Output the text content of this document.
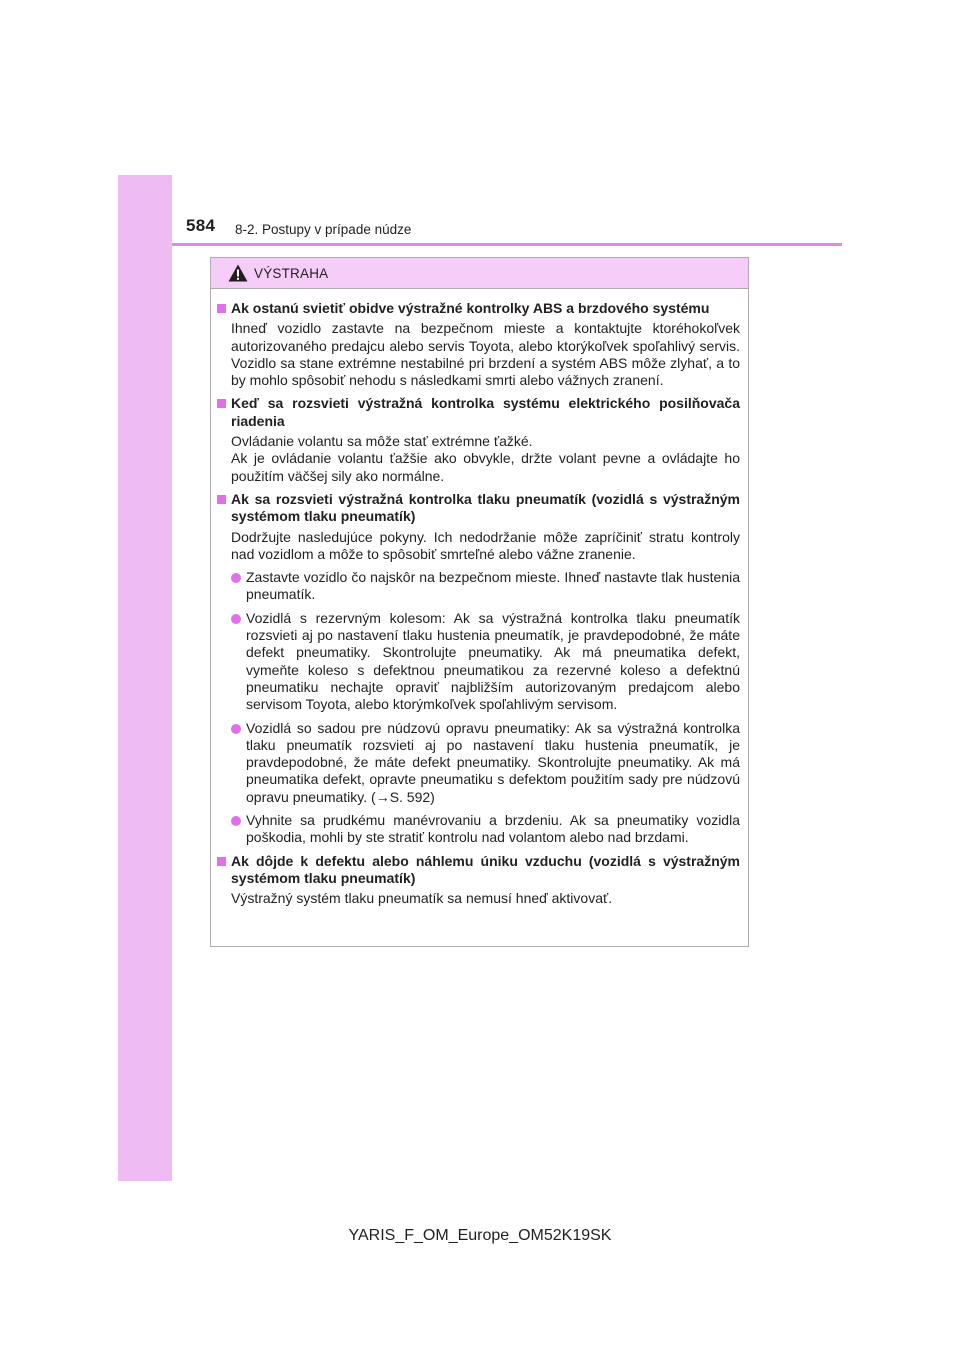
584 8-2. Postupy v prípade núdze
VÝSTRAHA
Ak ostanú svietiť obidve výstražné kontrolky ABS a brzdového systému
Ihneď vozidlo zastavte na bezpečnom mieste a kontaktujte ktoréhokoľvek autorizovaného predajcu alebo servis Toyota, alebo ktorýkoľvek spoľahlivý servis. Vozidlo sa stane extrémne nestabilné pri brzdení a systém ABS môže zlyhať, a to by mohlo spôsobiť nehodu s následkami smrti alebo vážnych zranení.
Keď sa rozsvieti výstražná kontrolka systému elektrického posilňovača riadenia
Ovládanie volantu sa môže stať extrémne ťažké.
Ak je ovládanie volantu ťažšie ako obvykle, držte volant pevne a ovládajte ho použitím väčšej sily ako normálne.
Ak sa rozsvieti výstražná kontrolka tlaku pneumatík (vozidlá s výstražným systémom tlaku pneumatík)
Dodržujte nasledujúce pokyny. Ich nedodržanie môže zapríčiniť stratu kontroly nad vozidlom a môže to spôsobiť smrteľné alebo vážne zranenie.
Zastavte vozidlo čo najskôr na bezpečnom mieste. Ihneď nastavte tlak hustenia pneumatík.
Vozidlá s rezervným kolesom: Ak sa výstražná kontrolka tlaku pneumatík rozsvieti aj po nastavení tlaku hustenia pneumatík, je pravdepodobné, že máte defekt pneumatiky. Skontrolujte pneumatiky. Ak má pneumatika defekt, vymeňte koleso s defektnou pneumatikou za rezervné koleso a defektnú pneumatiku nechajte opraviť najbližším autorizovaným predajcom alebo servisom Toyota, alebo ktorýmkoľvek spoľahlivým servisom.
Vozidlá so sadou pre núdzovú opravu pneumatiky: Ak sa výstražná kontrolka tlaku pneumatík rozsvieti aj po nastavení tlaku hustenia pneumatík, je pravdepodobné, že máte defekt pneumatiky. Skontrolujte pneumatiky. Ak má pneumatika defekt, opravte pneumatiku s defektom použitím sady pre núdzovú opravu pneumatiky. (→S. 592)
Vyhnite sa prudkému manévrovaniu a brzdeniu. Ak sa pneumatiky vozidla poškodia, mohli by ste stratiť kontrolu nad volantom alebo nad brzdami.
Ak dôjde k defektu alebo náhlemu úniku vzduchu (vozidlá s výstražným systémom tlaku pneumatík)
Výstražný systém tlaku pneumatík sa nemusí hneď aktivovať.
YARIS_F_OM_Europe_OM52K19SK
